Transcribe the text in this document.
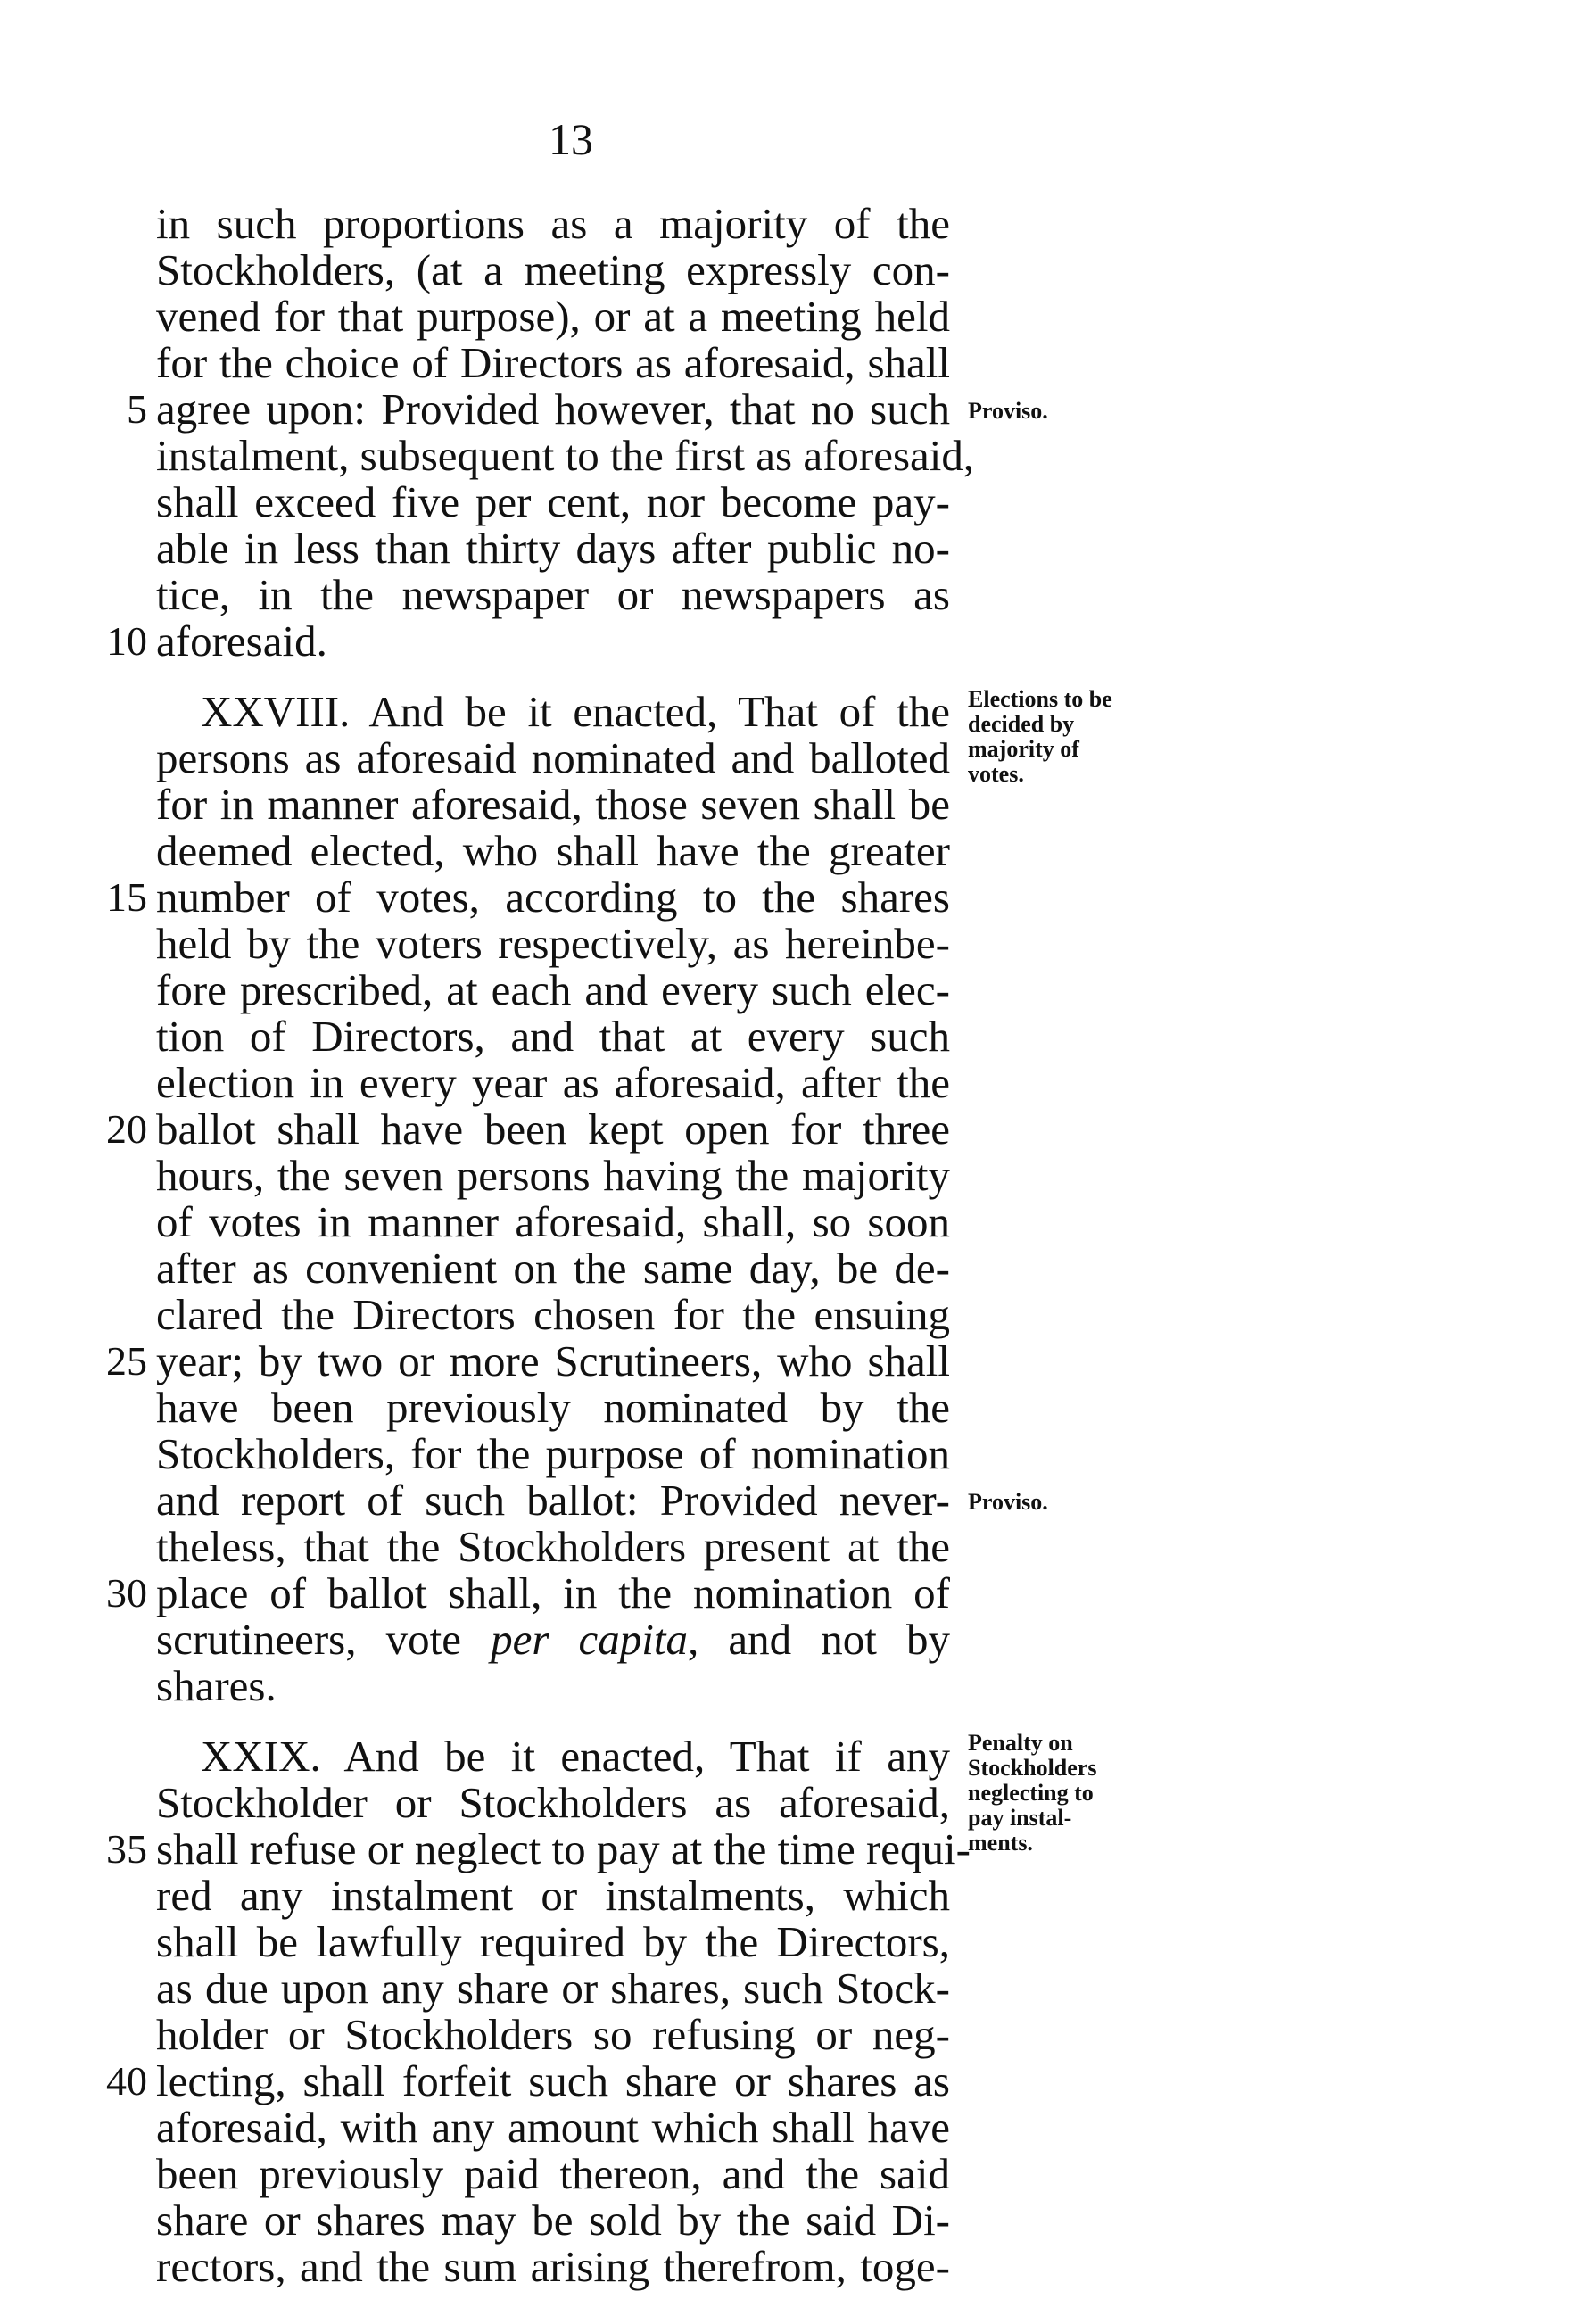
13
in such proportions as a majority of the
Stockholders, (at a meeting expressly con-
vened for that purpose), or at a meeting held
for the choice of Directors as aforesaid, shall
agree upon: Provided however, that no such
instalment, subsequent to the first as aforesaid,
shall exceed five per cent, nor become pay-
able in less than thirty days after public no-
tice, in the newspaper or newspapers as
aforesaid.
XXVIII. And be it enacted, That of the
persons as aforesaid nominated and balloted
for in manner aforesaid, those seven shall be
deemed elected, who shall have the greater
number of votes, according to the shares
held by the voters respectively, as hereinbe-
fore prescribed, at each and every such elec-
tion of Directors, and that at every such
election in every year as aforesaid, after the
ballot shall have been kept open for three
hours, the seven persons having the majority
of votes in manner aforesaid, shall, so soon
after as convenient on the same day, be de-
clared the Directors chosen for the ensuing
year; by two or more Scrutineers, who shall
have been previously nominated by the
Stockholders, for the purpose of nomination
and report of such ballot: Provided never-
theless, that the Stockholders present at the
place of ballot shall, in the nomination of
scrutineers, vote per capita, and not by
shares.
XXIX. And be it enacted, That if any
Stockholder or Stockholders as aforesaid,
shall refuse or neglect to pay at the time requi-
red any instalment or instalments, which
shall be lawfully required by the Directors,
as due upon any share or shares, such Stock-
holder or Stockholders so refusing or neg-
lecting, shall forfeit such share or shares as
aforesaid, with any amount which shall have
been previously paid thereon, and the said
share or shares may be sold by the said Di-
rectors, and the sum arising therefrom, toge-
5
10
15
20
25
30
35
40
Proviso.
Elections to be
decided by
majority of
votes.
Proviso.
Penalty on
Stockholders
neglecting to
pay instal-
ments.
